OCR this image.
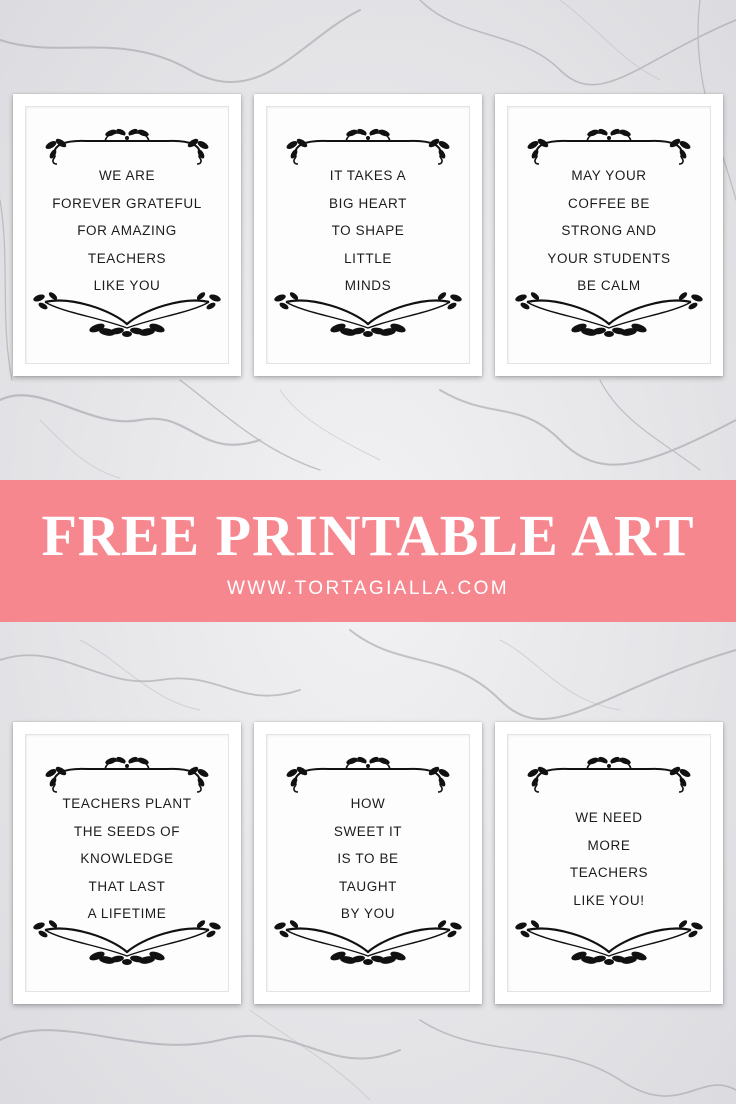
WE ARE
FOREVER GRATEFUL
FOR AMAZING
TEACHERS
LIKE YOU
IT TAKES A
BIG HEART
TO SHAPE
LITTLE
MINDS
MAY YOUR
COFFEE BE
STRONG AND
YOUR STUDENTS
BE CALM
FREE PRINTABLE ART
WWW.TORTAGIALLA.COM
TEACHERS PLANT
THE SEEDS OF
KNOWLEDGE
THAT LAST
A LIFETIME
HOW
SWEET IT
IS TO BE
TAUGHT
BY YOU
WE NEED
MORE
TEACHERS
LIKE YOU!
